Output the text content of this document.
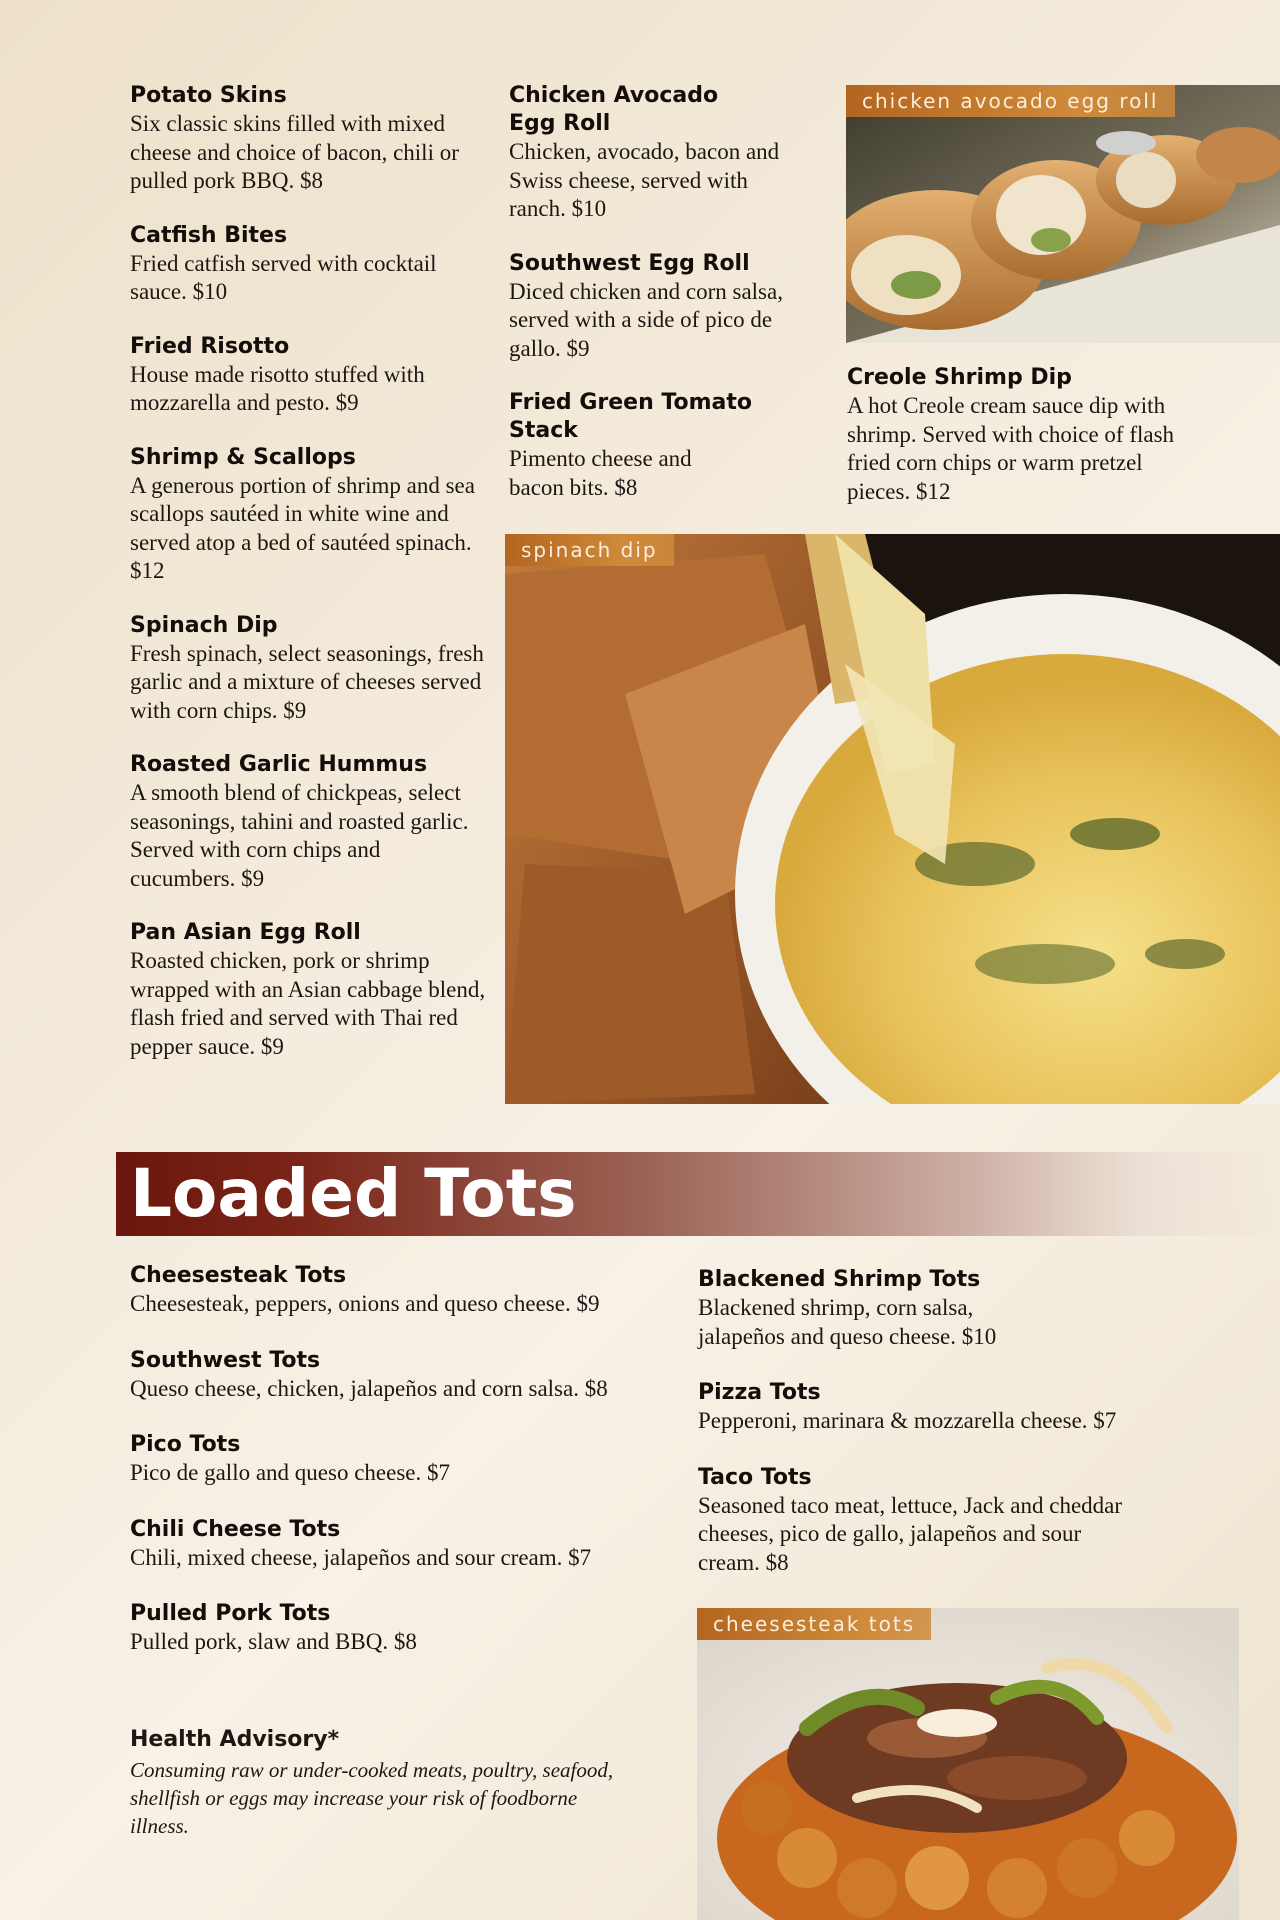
Potato Skins

Six classic skins filled with mixed cheese and choice of bacon, chili or pulled pork BBQ. $8

Catfish Bites

Fried catfish served with cocktail sauce. $10

Fried Risotto

House made risotto stuffed with mozzarella and pesto. $9

Shrimp & Scallops

A generous portion of shrimp and sea scallops sautéed in white wine and served atop a bed of sautéed spinach. $12

Spinach Dip

Fresh spinach, select seasonings, fresh garlic and a mixture of cheeses served with corn chips. $9

Roasted Garlic Hummus

A smooth blend of chickpeas, select seasonings, tahini and roasted garlic. Served with corn chips and cucumbers. $9

Pan Asian Egg Roll

Roasted chicken, pork or shrimp wrapped with an Asian cabbage blend, flash fried and served with Thai red pepper sauce. $9

Chicken Avocado Egg Roll

Chicken, avocado, bacon and Swiss cheese, served with ranch. $10

Southwest Egg Roll

Diced chicken and corn salsa, served with a side of pico de gallo. $9

Fried Green Tomato Stack

Pimento cheese and bacon bits. $8

Creole Shrimp Dip

A hot Creole cream sauce dip with shrimp. Served with choice of flash fried corn chips or warm pretzel pieces. $12

chicken avocado egg roll
spinach dip
Loaded Tots
Cheesesteak Tots

Cheesesteak, peppers, onions and queso cheese. $9

Southwest Tots

Queso cheese, chicken, jalapeños and corn salsa. $8

Pico Tots

Pico de gallo and queso cheese. $7

Chili Cheese Tots

Chili, mixed cheese, jalapeños and sour cream. $7

Pulled Pork Tots

Pulled pork, slaw and BBQ. $8

Blackened Shrimp Tots

Blackened shrimp, corn salsa, jalapeños and queso cheese. $10

Pizza Tots

Pepperoni, marinara & mozzarella cheese. $7

Taco Tots

Seasoned taco meat, lettuce, Jack and cheddar cheeses, pico de gallo, jalapeños and sour cream. $8

Health Advisory*

Consuming raw or under-cooked meats, poultry, seafood, shellfish or eggs may increase your risk of foodborne illness.

cheesesteak tots
